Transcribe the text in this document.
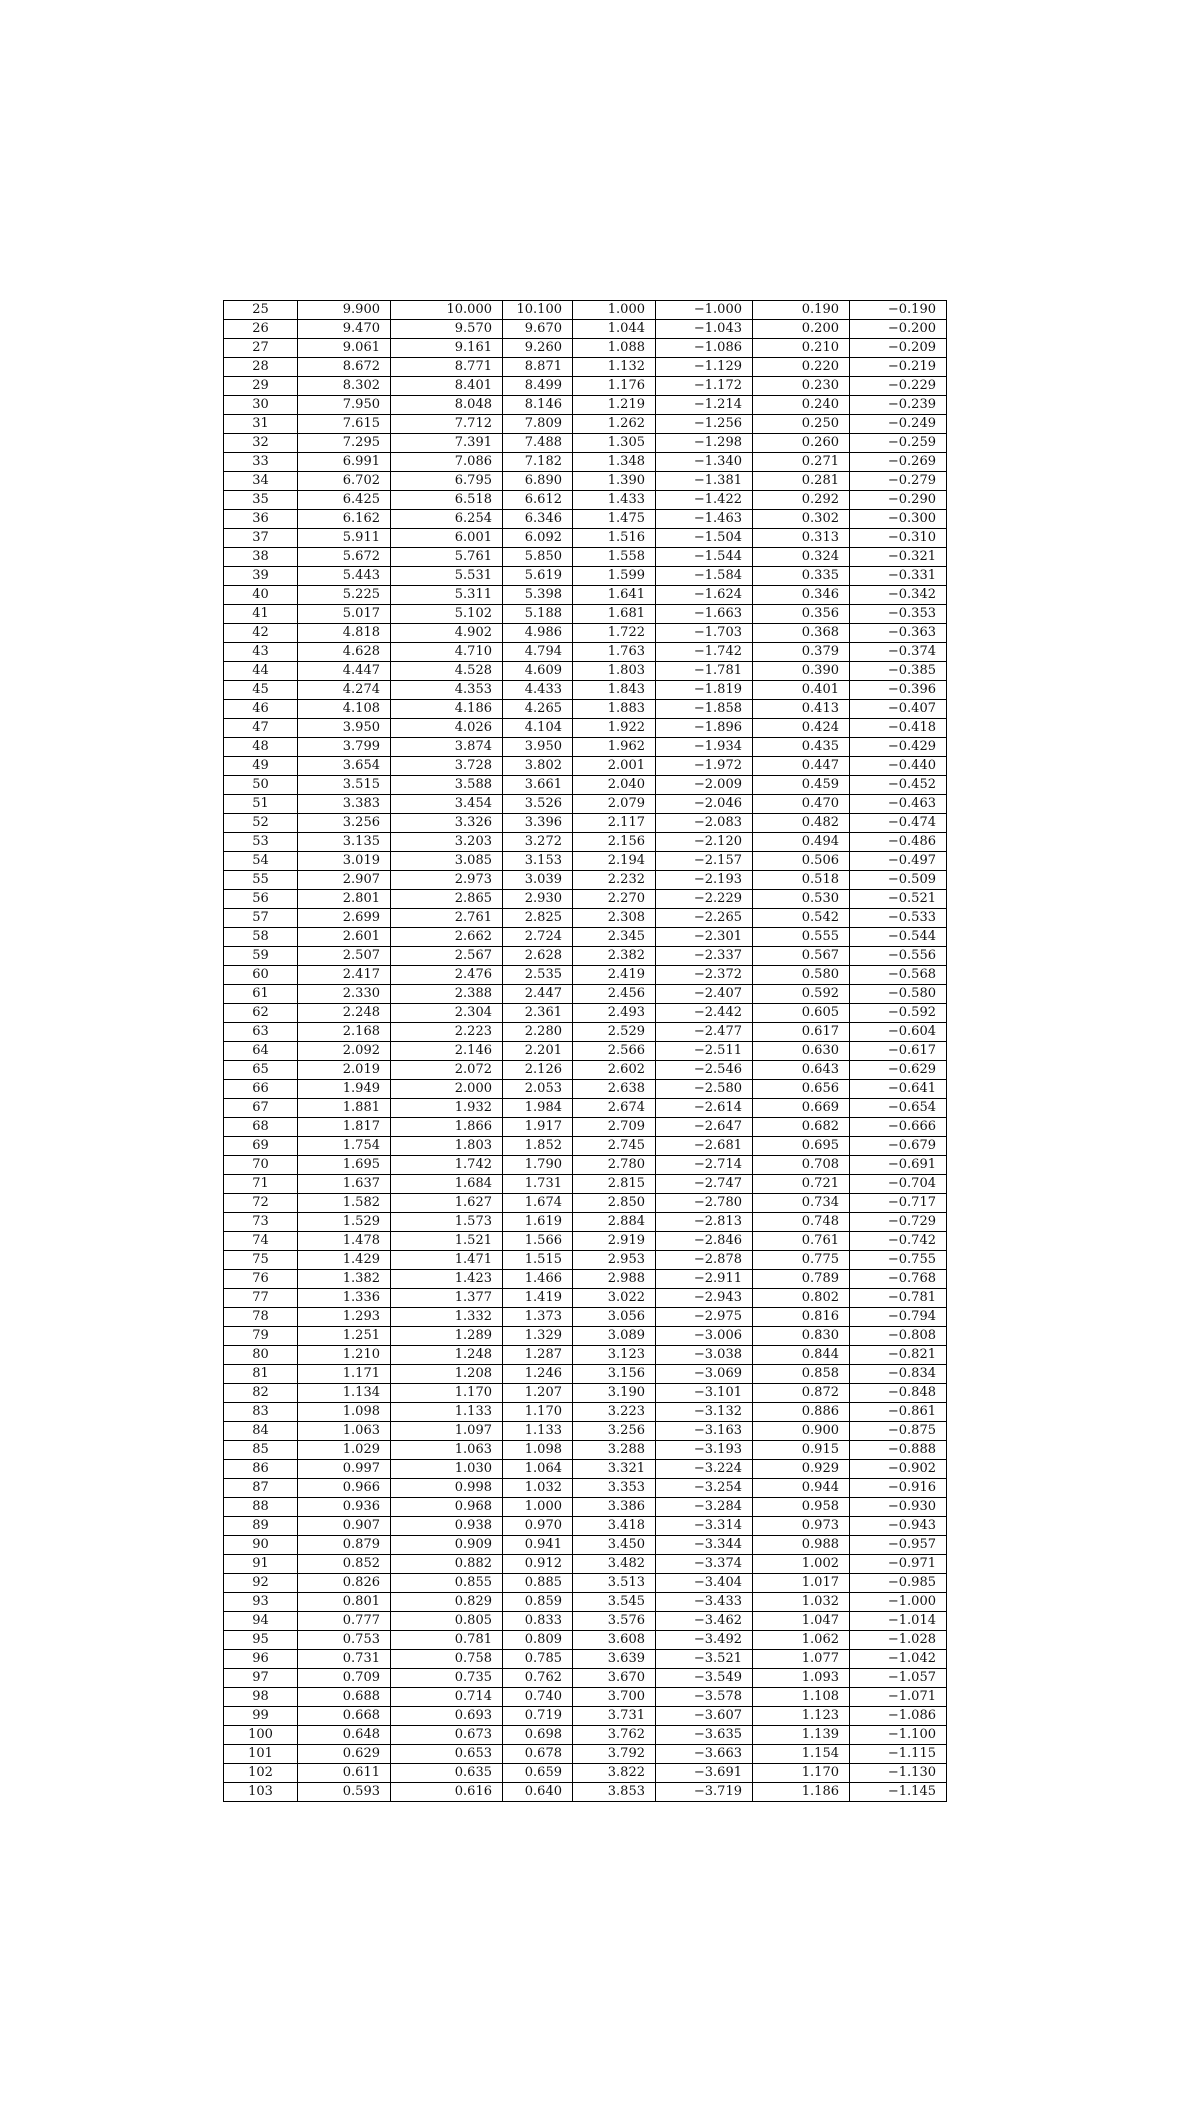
25	9.900	10.000	10.100	1.000	−1.000	0.190	−0.190
26	9.470	9.570	9.670	1.044	−1.043	0.200	−0.200
27	9.061	9.161	9.260	1.088	−1.086	0.210	−0.209
28	8.672	8.771	8.871	1.132	−1.129	0.220	−0.219
29	8.302	8.401	8.499	1.176	−1.172	0.230	−0.229
30	7.950	8.048	8.146	1.219	−1.214	0.240	−0.239
31	7.615	7.712	7.809	1.262	−1.256	0.250	−0.249
32	7.295	7.391	7.488	1.305	−1.298	0.260	−0.259
33	6.991	7.086	7.182	1.348	−1.340	0.271	−0.269
34	6.702	6.795	6.890	1.390	−1.381	0.281	−0.279
35	6.425	6.518	6.612	1.433	−1.422	0.292	−0.290
36	6.162	6.254	6.346	1.475	−1.463	0.302	−0.300
37	5.911	6.001	6.092	1.516	−1.504	0.313	−0.310
38	5.672	5.761	5.850	1.558	−1.544	0.324	−0.321
39	5.443	5.531	5.619	1.599	−1.584	0.335	−0.331
40	5.225	5.311	5.398	1.641	−1.624	0.346	−0.342
41	5.017	5.102	5.188	1.681	−1.663	0.356	−0.353
42	4.818	4.902	4.986	1.722	−1.703	0.368	−0.363
43	4.628	4.710	4.794	1.763	−1.742	0.379	−0.374
44	4.447	4.528	4.609	1.803	−1.781	0.390	−0.385
45	4.274	4.353	4.433	1.843	−1.819	0.401	−0.396
46	4.108	4.186	4.265	1.883	−1.858	0.413	−0.407
47	3.950	4.026	4.104	1.922	−1.896	0.424	−0.418
48	3.799	3.874	3.950	1.962	−1.934	0.435	−0.429
49	3.654	3.728	3.802	2.001	−1.972	0.447	−0.440
50	3.515	3.588	3.661	2.040	−2.009	0.459	−0.452
51	3.383	3.454	3.526	2.079	−2.046	0.470	−0.463
52	3.256	3.326	3.396	2.117	−2.083	0.482	−0.474
53	3.135	3.203	3.272	2.156	−2.120	0.494	−0.486
54	3.019	3.085	3.153	2.194	−2.157	0.506	−0.497
55	2.907	2.973	3.039	2.232	−2.193	0.518	−0.509
56	2.801	2.865	2.930	2.270	−2.229	0.530	−0.521
57	2.699	2.761	2.825	2.308	−2.265	0.542	−0.533
58	2.601	2.662	2.724	2.345	−2.301	0.555	−0.544
59	2.507	2.567	2.628	2.382	−2.337	0.567	−0.556
60	2.417	2.476	2.535	2.419	−2.372	0.580	−0.568
61	2.330	2.388	2.447	2.456	−2.407	0.592	−0.580
62	2.248	2.304	2.361	2.493	−2.442	0.605	−0.592
63	2.168	2.223	2.280	2.529	−2.477	0.617	−0.604
64	2.092	2.146	2.201	2.566	−2.511	0.630	−0.617
65	2.019	2.072	2.126	2.602	−2.546	0.643	−0.629
66	1.949	2.000	2.053	2.638	−2.580	0.656	−0.641
67	1.881	1.932	1.984	2.674	−2.614	0.669	−0.654
68	1.817	1.866	1.917	2.709	−2.647	0.682	−0.666
69	1.754	1.803	1.852	2.745	−2.681	0.695	−0.679
70	1.695	1.742	1.790	2.780	−2.714	0.708	−0.691
71	1.637	1.684	1.731	2.815	−2.747	0.721	−0.704
72	1.582	1.627	1.674	2.850	−2.780	0.734	−0.717
73	1.529	1.573	1.619	2.884	−2.813	0.748	−0.729
74	1.478	1.521	1.566	2.919	−2.846	0.761	−0.742
75	1.429	1.471	1.515	2.953	−2.878	0.775	−0.755
76	1.382	1.423	1.466	2.988	−2.911	0.789	−0.768
77	1.336	1.377	1.419	3.022	−2.943	0.802	−0.781
78	1.293	1.332	1.373	3.056	−2.975	0.816	−0.794
79	1.251	1.289	1.329	3.089	−3.006	0.830	−0.808
80	1.210	1.248	1.287	3.123	−3.038	0.844	−0.821
81	1.171	1.208	1.246	3.156	−3.069	0.858	−0.834
82	1.134	1.170	1.207	3.190	−3.101	0.872	−0.848
83	1.098	1.133	1.170	3.223	−3.132	0.886	−0.861
84	1.063	1.097	1.133	3.256	−3.163	0.900	−0.875
85	1.029	1.063	1.098	3.288	−3.193	0.915	−0.888
86	0.997	1.030	1.064	3.321	−3.224	0.929	−0.902
87	0.966	0.998	1.032	3.353	−3.254	0.944	−0.916
88	0.936	0.968	1.000	3.386	−3.284	0.958	−0.930
89	0.907	0.938	0.970	3.418	−3.314	0.973	−0.943
90	0.879	0.909	0.941	3.450	−3.344	0.988	−0.957
91	0.852	0.882	0.912	3.482	−3.374	1.002	−0.971
92	0.826	0.855	0.885	3.513	−3.404	1.017	−0.985
93	0.801	0.829	0.859	3.545	−3.433	1.032	−1.000
94	0.777	0.805	0.833	3.576	−3.462	1.047	−1.014
95	0.753	0.781	0.809	3.608	−3.492	1.062	−1.028
96	0.731	0.758	0.785	3.639	−3.521	1.077	−1.042
97	0.709	0.735	0.762	3.670	−3.549	1.093	−1.057
98	0.688	0.714	0.740	3.700	−3.578	1.108	−1.071
99	0.668	0.693	0.719	3.731	−3.607	1.123	−1.086
100	0.648	0.673	0.698	3.762	−3.635	1.139	−1.100
101	0.629	0.653	0.678	3.792	−3.663	1.154	−1.115
102	0.611	0.635	0.659	3.822	−3.691	1.170	−1.130
103	0.593	0.616	0.640	3.853	−3.719	1.186	−1.145
